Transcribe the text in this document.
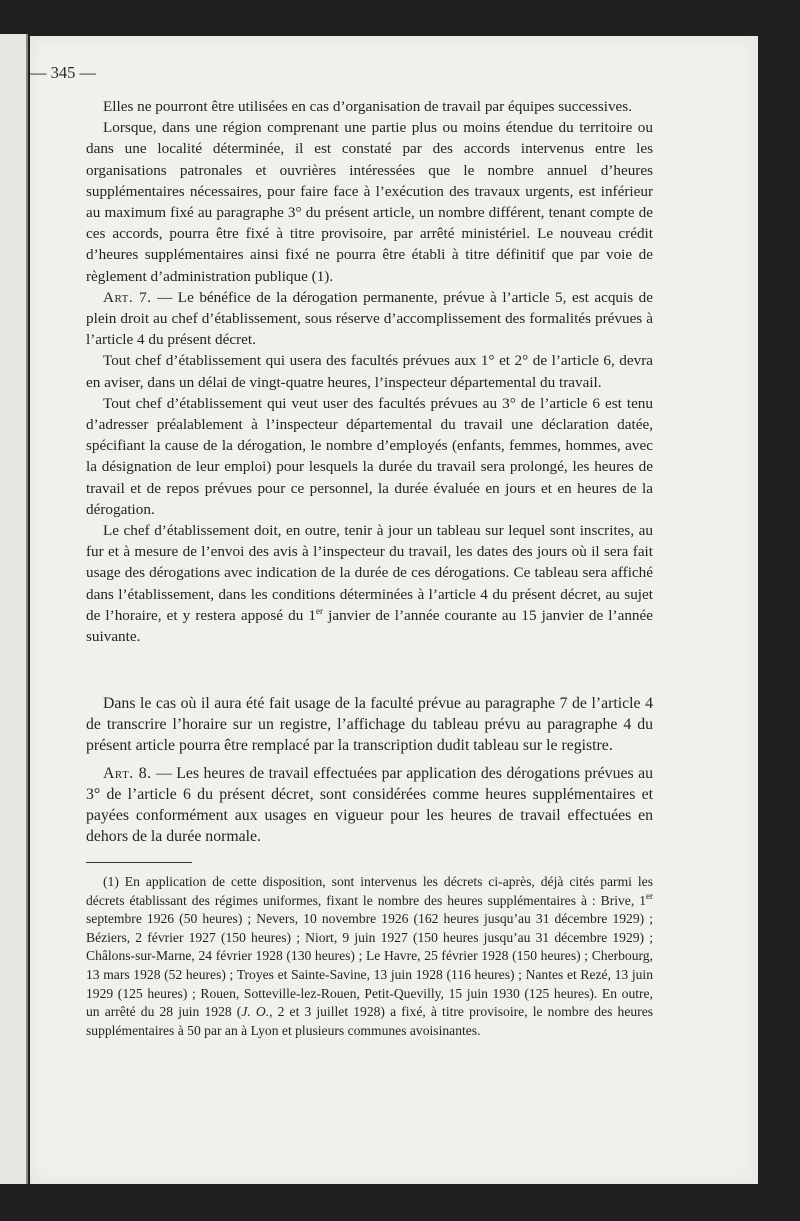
— 345 —

Elles ne pourront être utilisées en cas d’organisation de travail par équipes successives.

Lorsque, dans une région comprenant une partie plus ou moins étendue du territoire ou dans une localité déterminée, il est constaté par des accords intervenus entre les organisations patronales et ouvrières intéressées que le nombre annuel d’heures supplémentaires nécessaires, pour faire face à l’exécution des travaux urgents, est inférieur au maximum fixé au paragraphe 3° du présent article, un nombre différent, tenant compte de ces accords, pourra être fixé à titre provisoire, par arrêté ministériel. Le nouveau crédit d’heures supplémentaires ainsi fixé ne pourra être établi à titre définitif que par voie de règlement d’administration publique (1).

Art. 7. — Le bénéfice de la dérogation permanente, prévue à l’article 5, est acquis de plein droit au chef d’établissement, sous réserve d’accomplissement des formalités prévues à l’article 4 du présent décret.

Tout chef d’établissement qui usera des facultés prévues aux 1° et 2° de l’article 6, devra en aviser, dans un délai de vingt-quatre heures, l’inspecteur départemental du travail.

Tout chef d’établissement qui veut user des facultés prévues au 3° de l’article 6 est tenu d’adresser préalablement à l’inspecteur départemental du travail une déclaration datée, spécifiant la cause de la dérogation, le nombre d’employés (enfants, femmes, hommes, avec la désignation de leur emploi) pour lesquels la durée du travail sera prolongé, les heures de travail et de repos prévues pour ce personnel, la durée évaluée en jours et en heures de la dérogation.

Le chef d’établissement doit, en outre, tenir à jour un tableau sur lequel sont inscrites, au fur et à mesure de l’envoi des avis à l’inspecteur du travail, les dates des jours où il sera fait usage des dérogations avec indication de la durée de ces dérogations. Ce tableau sera affiché dans l’établissement, dans les conditions déterminées à l’article 4 du présent décret, au sujet de l’horaire, et y restera apposé du 1er janvier de l’année courante au 15 janvier de l’année suivante.

Dans le cas où il aura été fait usage de la faculté prévue au paragraphe 7 de l’article 4 de transcrire l’horaire sur un registre, l’affichage du tableau prévu au paragraphe 4 du présent article pourra être remplacé par la transcription dudit tableau sur le registre.

Art. 8. — Les heures de travail effectuées par application des dérogations prévues au 3° de l’article 6 du présent décret, sont considérées comme heures supplémentaires et payées conformément aux usages en vigueur pour les heures de travail effectuées en dehors de la durée normale.

(1) En application de cette disposition, sont intervenus les décrets ci-après, déjà cités parmi les décrets établissant des régimes uniformes, fixant le nombre des heures supplémentaires à : Brive, 1er septembre 1926 (50 heures) ; Nevers, 10 novembre 1926 (162 heures jusqu’au 31 décembre 1929) ; Béziers, 2 février 1927 (150 heures) ; Niort, 9 juin 1927 (150 heures jusqu’au 31 décembre 1929) ; Châlons-sur-Marne, 24 février 1928 (130 heures) ; Le Havre, 25 février 1928 (150 heures) ; Cherbourg, 13 mars 1928 (52 heures) ; Troyes et Sainte-Savine, 13 juin 1928 (116 heures) ; Nantes et Rezé, 13 juin 1929 (125 heures) ; Rouen, Sotteville-lez-Rouen, Petit-Quevilly, 15 juin 1930 (125 heures). En outre, un arrêté du 28 juin 1928 (J. O., 2 et 3 juillet 1928) a fixé, à titre provisoire, le nombre des heures supplémentaires à 50 par an à Lyon et plusieurs communes avoisinantes.
